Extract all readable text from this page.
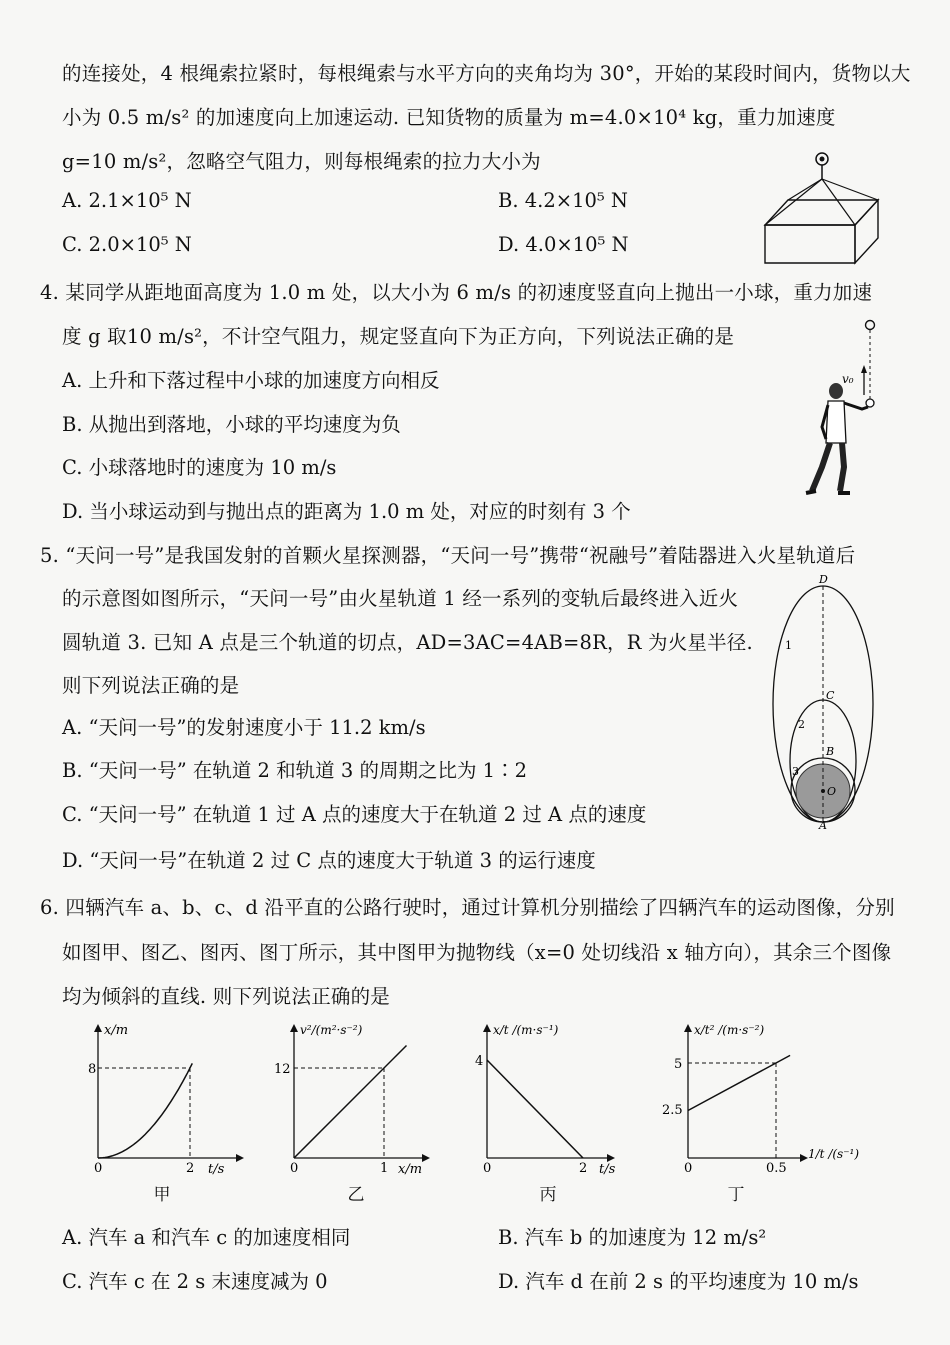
的连接处，4 根绳索拉紧时，每根绳索与水平方向的夹角均为 30°，开始的某段时间内，货物以大
小为 0.5 m/s² 的加速度向上加速运动. 已知货物的质量为 m=4.0×10⁴ kg，重力加速度
g=10 m/s²，忽略空气阻力，则每根绳索的拉力大小为
A. 2.1×10⁵ N	B. 4.2×10⁵ N
C. 2.0×10⁵ N	D. 4.0×10⁵ N
4. 某同学从距地面高度为 1.0 m 处，以大小为 6 m/s 的初速度竖直向上抛出一小球，重力加速
度 g 取10 m/s²，不计空气阻力，规定竖直向下为正方向，下列说法正确的是
A. 上升和下落过程中小球的加速度方向相反
B. 从抛出到落地，小球的平均速度为负
C. 小球落地时的速度为 10 m/s
D. 当小球运动到与抛出点的距离为 1.0 m 处，对应的时刻有 3 个
v₀
5. “天问一号”是我国发射的首颗火星探测器，“天问一号”携带“祝融号”着陆器进入火星轨道后
的示意图如图所示，“天问一号”由火星轨道 1 经一系列的变轨后最终进入近火
圆轨道 3. 已知 A 点是三个轨道的切点，AD=3AC=4AB=8R，R 为火星半径.
则下列说法正确的是
A. “天问一号”的发射速度小于 11.2 km/s
B. “天问一号” 在轨道 2 和轨道 3 的周期之比为 1∶2
C. “天问一号” 在轨道 1 过 A 点的速度大于在轨道 2 过 A 点的速度
D. “天问一号”在轨道 2 过 C 点的速度大于轨道 3 的运行速度
D
C
B
O
A
1
2
3
6. 四辆汽车 a、b、c、d 沿平直的公路行驶时，通过计算机分别描绘了四辆汽车的运动图像，分别
如图甲、图乙、图丙、图丁所示，其中图甲为抛物线（x=0 处切线沿 x 轴方向），其余三个图像
均为倾斜的直线. 则下列说法正确的是
x/m
t/s
0
8
2
v²/(m²·s⁻²)
x/m
0
12
1
x/t /(m·s⁻¹)
t/s
0
4
2
x/t² /(m·s⁻²)
1/t /(s⁻¹)
0
5
2.5
0.5
甲	乙	丙	丁
A. 汽车 a 和汽车 c 的加速度相同	B. 汽车 b 的加速度为 12 m/s²
C. 汽车 c 在 2 s 末速度减为 0	D. 汽车 d 在前 2 s 的平均速度为 10 m/s
